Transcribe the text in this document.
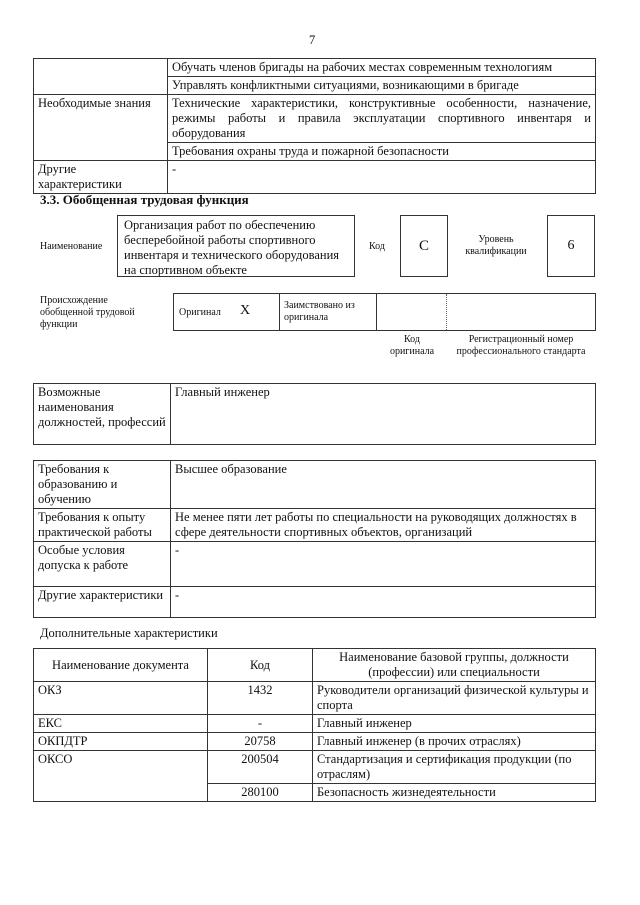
7
	Обучать членов бригады на рабочих местах современным технологиям
	Управлять конфликтными ситуациями, возникающими в бригаде
Необходимые знания	Технические характеристики, конструктивные особенности, назначение, режимы работы и правила эксплуатации спортивного инвентаря и оборудования
	Требования охраны труда и пожарной безопасности
Другие характеристики	-
3.3. Обобщенная трудовая функция
Наименование
Организация работ по обеспечению бесперебойной работы спортивного инвентаря и технического оборудования на спортивном объекте
Код	C	Уровень квалификации	6
Происхождение обобщенной трудовой функции
Оригинал X	Заимствовано из оригинала
Код оригинала
Регистрационный номер профессионального стандарта
Возможные наименования должностей, профессий	Главный инженер
Требования к образованию и обучению	Высшее образование
Требования к опыту практической работы	Не менее пяти лет работы по специальности на руководящих должностях в сфере деятельности спортивных объектов, организаций
Особые условия допуска к работе	-
Другие характеристики	-
Дополнительные характеристики
Наименование документа	Код	Наименование базовой группы, должности (профессии) или специальности
ОКЗ	1432	Руководители организаций физической культуры и спорта
ЕКС	-	Главный инженер
ОКПДТР	20758	Главный инженер (в прочих отраслях)
ОКСО	200504	Стандартизация и сертификация продукции (по отраслям)
	280100	Безопасность жизнедеятельности
